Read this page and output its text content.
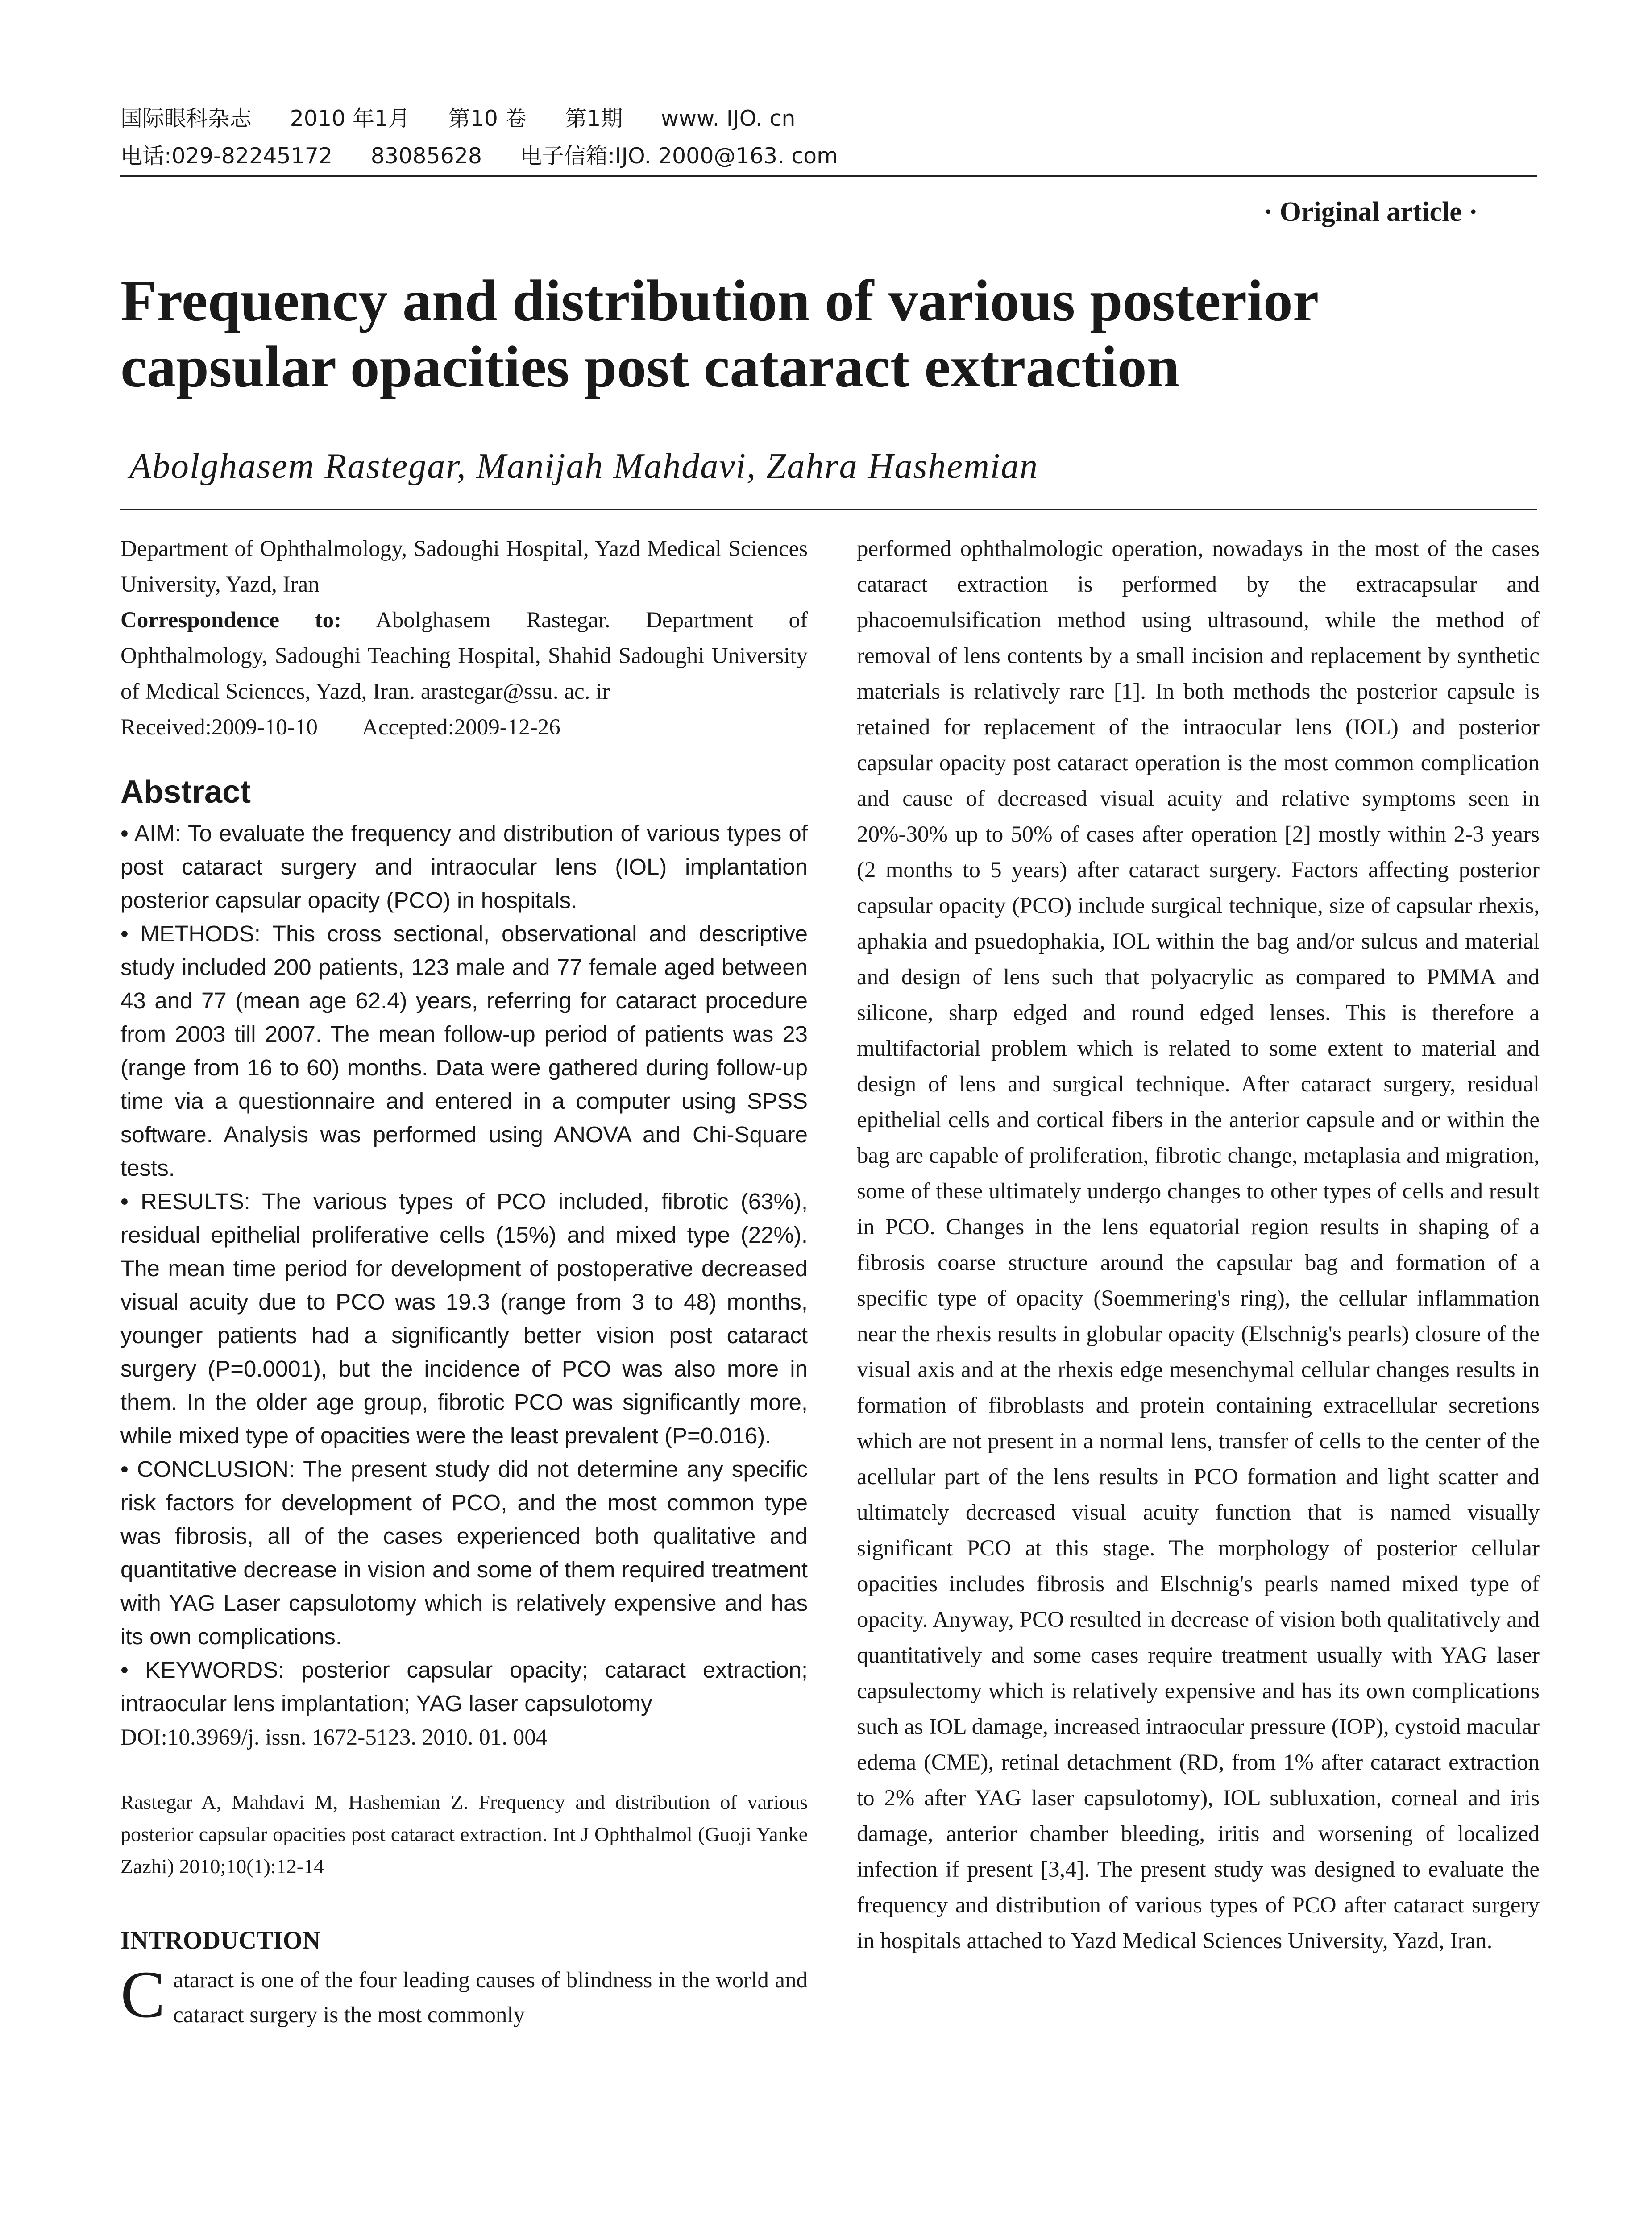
国际眼科杂志 2010 年1月 第10 卷 第1期 www. IJO. cn
电话:029-82245172 83085628 电子信箱:IJO. 2000@163. com
· Original article ·
Frequency and distribution of various posterior capsular opacities post cataract extraction
Abolghasem Rastegar, Manijah Mahdavi, Zahra Hashemian

Department of Ophthalmology, Sadoughi Hospital, Yazd Medical Sciences University, Yazd, Iran

Correspondence to: Abolghasem Rastegar. Department of Ophthalmology, Sadoughi Teaching Hospital, Shahid Sadoughi University of Medical Sciences, Yazd, Iran. arastegar@ssu. ac. ir

Received:2009-10-10        Accepted:2009-12-26

Abstract

• AIM: To evaluate the frequency and distribution of various types of post cataract surgery and intraocular lens (IOL) implantation posterior capsular opacity (PCO) in hospitals.

• METHODS: This cross sectional, observational and descriptive study included 200 patients, 123 male and 77 female aged between 43 and 77 (mean age 62.4) years, referring for cataract procedure from 2003 till 2007. The mean follow-up period of patients was 23 (range from 16 to 60) months. Data were gathered during follow-up time via a questionnaire and entered in a computer using SPSS software. Analysis was performed using ANOVA and Chi-Square tests.

• RESULTS: The various types of PCO included, fibrotic (63%), residual epithelial proliferative cells (15%) and mixed type (22%). The mean time period for development of postoperative decreased visual acuity due to PCO was 19.3 (range from 3 to 48) months, younger patients had a significantly better vision post cataract surgery (P=0.0001), but the incidence of PCO was also more in them. In the older age group, fibrotic PCO was significantly more, while mixed type of opacities were the least prevalent (P=0.016).

• CONCLUSION: The present study did not determine any specific risk factors for development of PCO, and the most common type was fibrosis, all of the cases experienced both qualitative and quantitative decrease in vision and some of them required treatment with YAG Laser capsulotomy which is relatively expensive and has its own complications.

• KEYWORDS: posterior capsular opacity; cataract extraction; intraocular lens implantation; YAG laser capsulotomy

DOI:10.3969/j. issn. 1672-5123. 2010. 01. 004

Rastegar A, Mahdavi M, Hashemian Z. Frequency and distribution of various posterior capsular opacities post cataract extraction. Int J Ophthalmol (Guoji Yanke Zazhi) 2010;10(1):12-14

INTRODUCTION

Cataract is one of the four leading causes of blindness in the world and cataract surgery is the most commonly

performed ophthalmologic operation, nowadays in the most of the cases cataract extraction is performed by the extracapsular and phacoemulsification method using ultrasound, while the method of removal of lens contents by a small incision and replacement by synthetic materials is relatively rare [1]. In both methods the posterior capsule is retained for replacement of the intraocular lens (IOL) and posterior capsular opacity post cataract operation is the most common complication and cause of decreased visual acuity and relative symptoms seen in 20%-30% up to 50% of cases after operation [2] mostly within 2-3 years (2 months to 5 years) after cataract surgery. Factors affecting posterior capsular opacity (PCO) include surgical technique, size of capsular rhexis, aphakia and psuedophakia, IOL within the bag and/or sulcus and material and design of lens such that polyacrylic as compared to PMMA and silicone, sharp edged and round edged lenses. This is therefore a multifactorial problem which is related to some extent to material and design of lens and surgical technique. After cataract surgery, residual epithelial cells and cortical fibers in the anterior capsule and or within the bag are capable of proliferation, fibrotic change, metaplasia and migration, some of these ultimately undergo changes to other types of cells and result in PCO. Changes in the lens equatorial region results in shaping of a fibrosis coarse structure around the capsular bag and formation of a specific type of opacity (Soemmering's ring), the cellular inflammation near the rhexis results in globular opacity (Elschnig's pearls) closure of the visual axis and at the rhexis edge mesenchymal cellular changes results in formation of fibroblasts and protein containing extracellular secretions which are not present in a normal lens, transfer of cells to the center of the acellular part of the lens results in PCO formation and light scatter and ultimately decreased visual acuity function that is named visually significant PCO at this stage. The morphology of posterior cellular opacities includes fibrosis and Elschnig's pearls named mixed type of opacity. Anyway, PCO resulted in decrease of vision both qualitatively and quantitatively and some cases require treatment usually with YAG laser capsulectomy which is relatively expensive and has its own complications such as IOL damage, increased intraocular pressure (IOP), cystoid macular edema (CME), retinal detachment (RD, from 1% after cataract extraction to 2% after YAG laser capsulotomy), IOL subluxation, corneal and iris damage, anterior chamber bleeding, iritis and worsening of localized infection if present [3,4]. The present study was designed to evaluate the frequency and distribution of various types of PCO after cataract surgery in hospitals attached to Yazd Medical Sciences University, Yazd, Iran.
